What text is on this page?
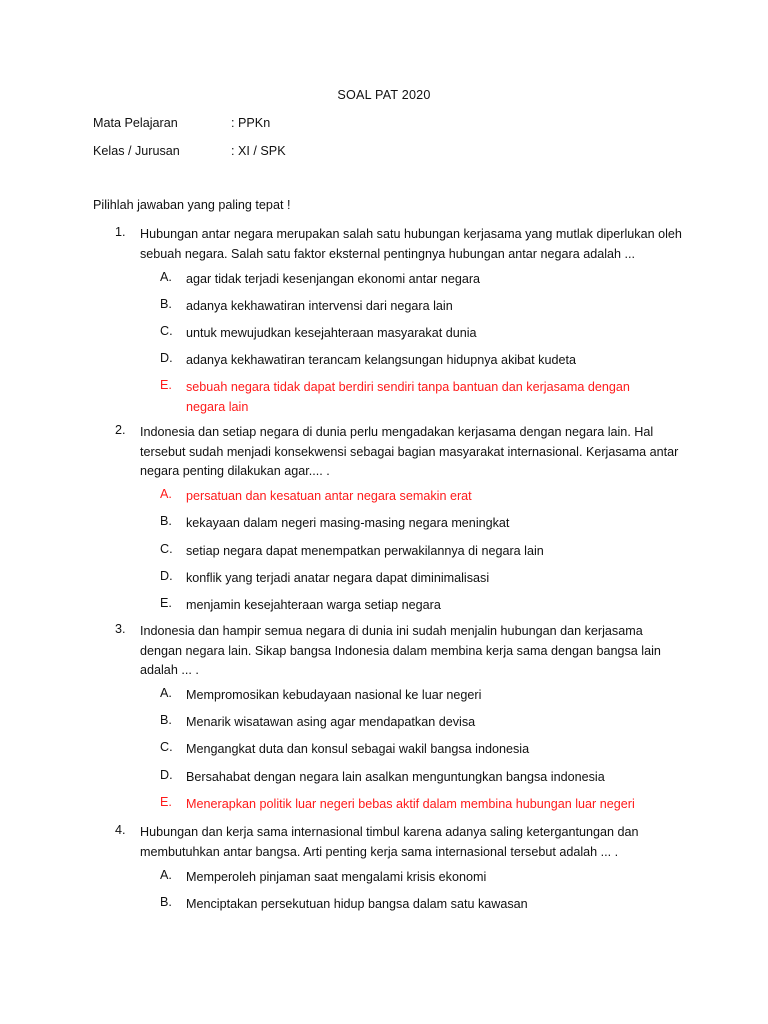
SOAL PAT 2020
Mata Pelajaran	: PPKn
Kelas / Jurusan	: XI / SPK
Pilihlah jawaban yang paling tepat !
1. Hubungan antar negara merupakan salah satu hubungan kerjasama yang mutlak diperlukan oleh sebuah negara. Salah satu faktor eksternal pentingnya hubungan antar negara adalah ...
A. agar tidak terjadi kesenjangan ekonomi antar negara
B. adanya kekhawatiran intervensi dari negara lain
C. untuk mewujudkan kesejahteraan masyarakat dunia
D. adanya kekhawatiran terancam kelangsungan hidupnya akibat kudeta
E. sebuah negara tidak dapat berdiri sendiri tanpa bantuan dan kerjasama dengan negara lain
2. Indonesia dan setiap negara di dunia perlu mengadakan kerjasama dengan negara lain. Hal tersebut sudah menjadi konsekwensi sebagai bagian masyarakat internasional. Kerjasama antar negara penting dilakukan agar.... .
A. persatuan dan kesatuan antar negara semakin erat
B. kekayaan dalam negeri masing-masing negara meningkat
C. setiap negara dapat menempatkan perwakilannya di negara lain
D. konflik yang terjadi anatar negara dapat diminimalisasi
E. menjamin kesejahteraan warga setiap negara
3. Indonesia dan hampir semua negara di dunia ini sudah menjalin hubungan dan kerjasama dengan negara lain. Sikap bangsa Indonesia dalam membina kerja sama dengan bangsa lain adalah ... .
A. Mempromosikan kebudayaan nasional ke luar negeri
B. Menarik wisatawan asing agar mendapatkan devisa
C. Mengangkat duta dan konsul sebagai wakil bangsa indonesia
D. Bersahabat dengan negara lain asalkan menguntungkan bangsa indonesia
E. Menerapkan politik luar negeri bebas aktif dalam membina hubungan luar negeri
4. Hubungan dan kerja sama internasional timbul karena adanya saling ketergantungan dan membutuhkan antar bangsa. Arti penting kerja sama internasional tersebut adalah ... .
A. Memperoleh pinjaman saat mengalami krisis ekonomi
B. Menciptakan persekutuan hidup bangsa dalam satu kawasan
